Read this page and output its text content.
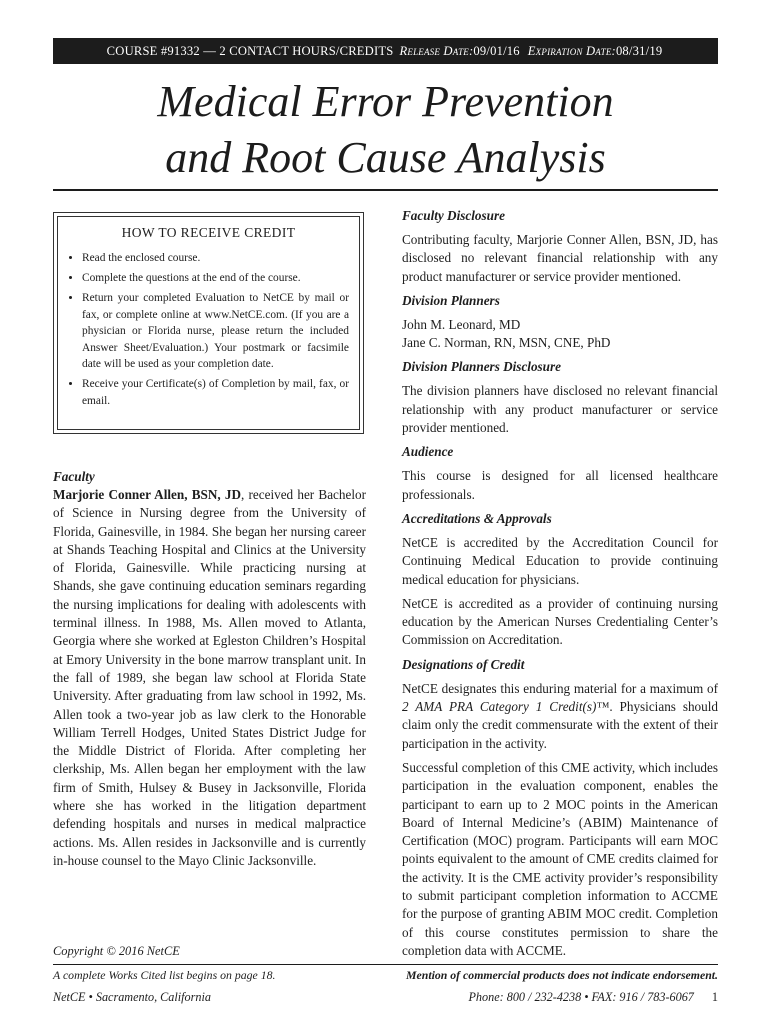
COURSE #91332 — 2 CONTACT HOURS/CREDITS Release Date: 09/01/16 Expiration Date: 08/31/19
Medical Error Prevention
and Root Cause Analysis
HOW TO RECEIVE CREDIT
• Read the enclosed course.
• Complete the questions at the end of the course.
• Return your completed Evaluation to NetCE by mail or fax, or complete online at www.NetCE.com. (If you are a physician or Florida nurse, please return the included Answer Sheet/Evaluation.) Your postmark or facsimile date will be used as your completion date.
• Receive your Certificate(s) of Completion by mail, fax, or email.

Faculty

Marjorie Conner Allen, BSN, JD, received her Bachelor of Science in Nursing degree from the University of Florida, Gainesville, in 1984. She began her nursing career at Shands Teaching Hospital and Clinics at the University of Florida, Gainesville. While practicing nursing at Shands, she gave continuing education seminars regarding the nursing implications for dealing with adolescents with terminal illness. In 1988, Ms. Allen moved to Atlanta, Georgia where she worked at Egleston Children’s Hospital at Emory University in the bone marrow transplant unit. In the fall of 1989, she began law school at Florida State University. After graduating from law school in 1992, Ms. Allen took a two-year job as law clerk to the Honorable William Terrell Hodges, United States District Judge for the Middle District of Florida. After completing her clerkship, Ms. Allen began her employment with the law firm of Smith, Hulsey & Busey in Jacksonville, Florida where she has worked in the litigation department defending hospitals and nurses in medical malpractice actions. Ms. Allen resides in Jacksonville and is currently in-house counsel to the Mayo Clinic Jacksonville.

Faculty Disclosure

Contributing faculty, Marjorie Conner Allen, BSN, JD, has disclosed no relevant financial relationship with any product manufacturer or service provider mentioned.

Division Planners

John M. Leonard, MD

Jane C. Norman, RN, MSN, CNE, PhD

Division Planners Disclosure

The division planners have disclosed no relevant financial relationship with any product manufacturer or service provider mentioned.

Audience

This course is designed for all licensed healthcare professionals.

Accreditations & Approvals

NetCE is accredited by the Accreditation Council for Continuing Medical Education to provide continuing medical education for physicians.

NetCE is accredited as a provider of continuing nursing education by the American Nurses Credentialing Center’s Commission on Accreditation.

Designations of Credit

NetCE designates this enduring material for a maximum of 2 AMA PRA Category 1 Credit(s)™. Physicians should claim only the credit commensurate with the extent of their participation in the activity.

Successful completion of this CME activity, which includes participation in the evaluation component, enables the participant to earn up to 2 MOC points in the American Board of Internal Medicine’s (ABIM) Maintenance of Certification (MOC) program. Participants will earn MOC points equivalent to the amount of CME credits claimed for the activity. It is the CME activity provider’s responsibility to submit participant completion information to ACCME for the purpose of granting ABIM MOC credit. Completion of this course constitutes permission to share the completion data with ACCME.

Copyright © 2016 NetCE
A complete Works Cited list begins on page 18.	Mention of commercial products does not indicate endorsement.
NetCE • Sacramento, California	Phone: 800 / 232-4238 • FAX: 916 / 783-6067 1
